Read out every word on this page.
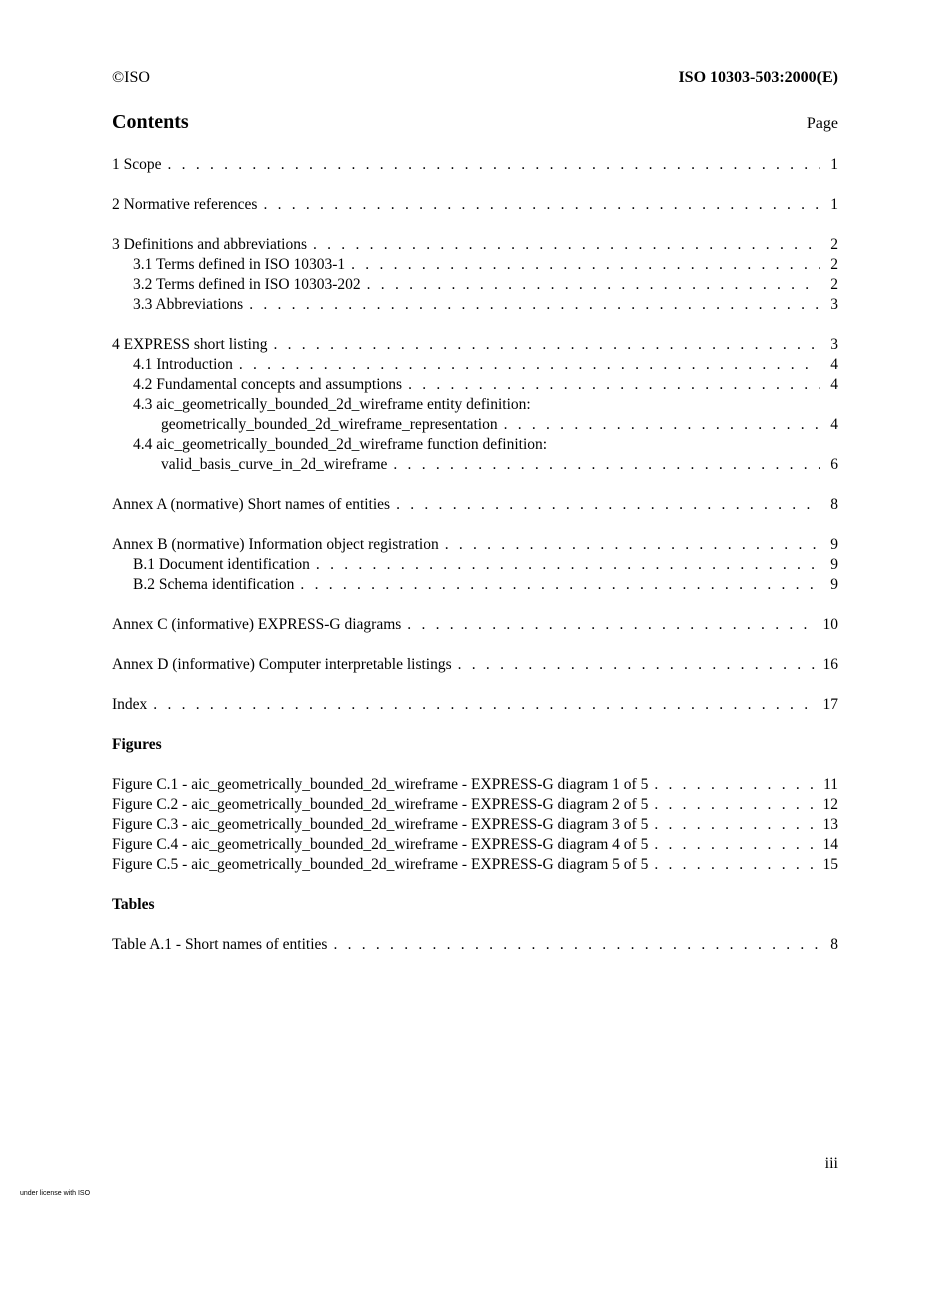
©ISO	ISO 10303-503:2000(E)
Contents	Page
1 Scope . . .	1
2 Normative references . . .	1
3 Definitions and abbreviations . . .	2
3.1 Terms defined in ISO 10303-1 . . .	2
3.2 Terms defined in ISO 10303-202 . . .	2
3.3 Abbreviations . . .	3
4 EXPRESS short listing . . .	3
4.1 Introduction . . .	4
4.2 Fundamental concepts and assumptions . . .	4
4.3 aic_geometrically_bounded_2d_wireframe entity definition:
geometrically_bounded_2d_wireframe_representation . . .	4
4.4 aic_geometrically_bounded_2d_wireframe function definition:
valid_basis_curve_in_2d_wireframe . . .	6
Annex A (normative) Short names of entities . . .	8
Annex B (normative) Information object registration . . .	9
B.1 Document identification . . .	9
B.2 Schema identification . . .	9
Annex C (informative) EXPRESS-G diagrams . . .	10
Annex D (informative) Computer interpretable listings . . .	16
Index . . .	17
Figures
Figure C.1 - aic_geometrically_bounded_2d_wireframe - EXPRESS-G diagram 1 of 5 . . .	11
Figure C.2 - aic_geometrically_bounded_2d_wireframe - EXPRESS-G diagram 2 of 5 . . .	12
Figure C.3 - aic_geometrically_bounded_2d_wireframe - EXPRESS-G diagram 3 of 5 . . .	13
Figure C.4 - aic_geometrically_bounded_2d_wireframe - EXPRESS-G diagram 4 of 5 . . .	14
Figure C.5 - aic_geometrically_bounded_2d_wireframe - EXPRESS-G diagram 5 of 5 . . .	15
Tables
Table A.1 - Short names of entities . . .	8
iii
under license with ISO
